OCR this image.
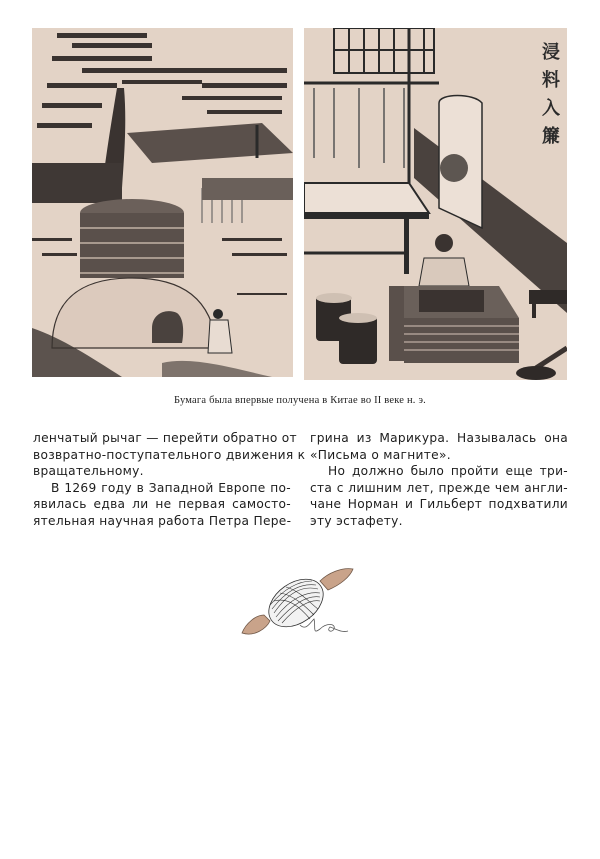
浸
料
入
簾
Бумага была впервые получена в Китае во II веке н. э.
ленчатый рычаг — перейти обратно от
возвратно-поступательного движения к
вращательному.
В 1269 году в Западной Европе по-
явилась едва ли не первая самосто-
ятельная научная работа Петра Пере-
грина из Марикура. Называлась она
«Письма о магните».
Но должно было пройти еще три-
ста с лишним лет, прежде чем англи-
чане Норман и Гильберт подхватили
эту эстафету.
